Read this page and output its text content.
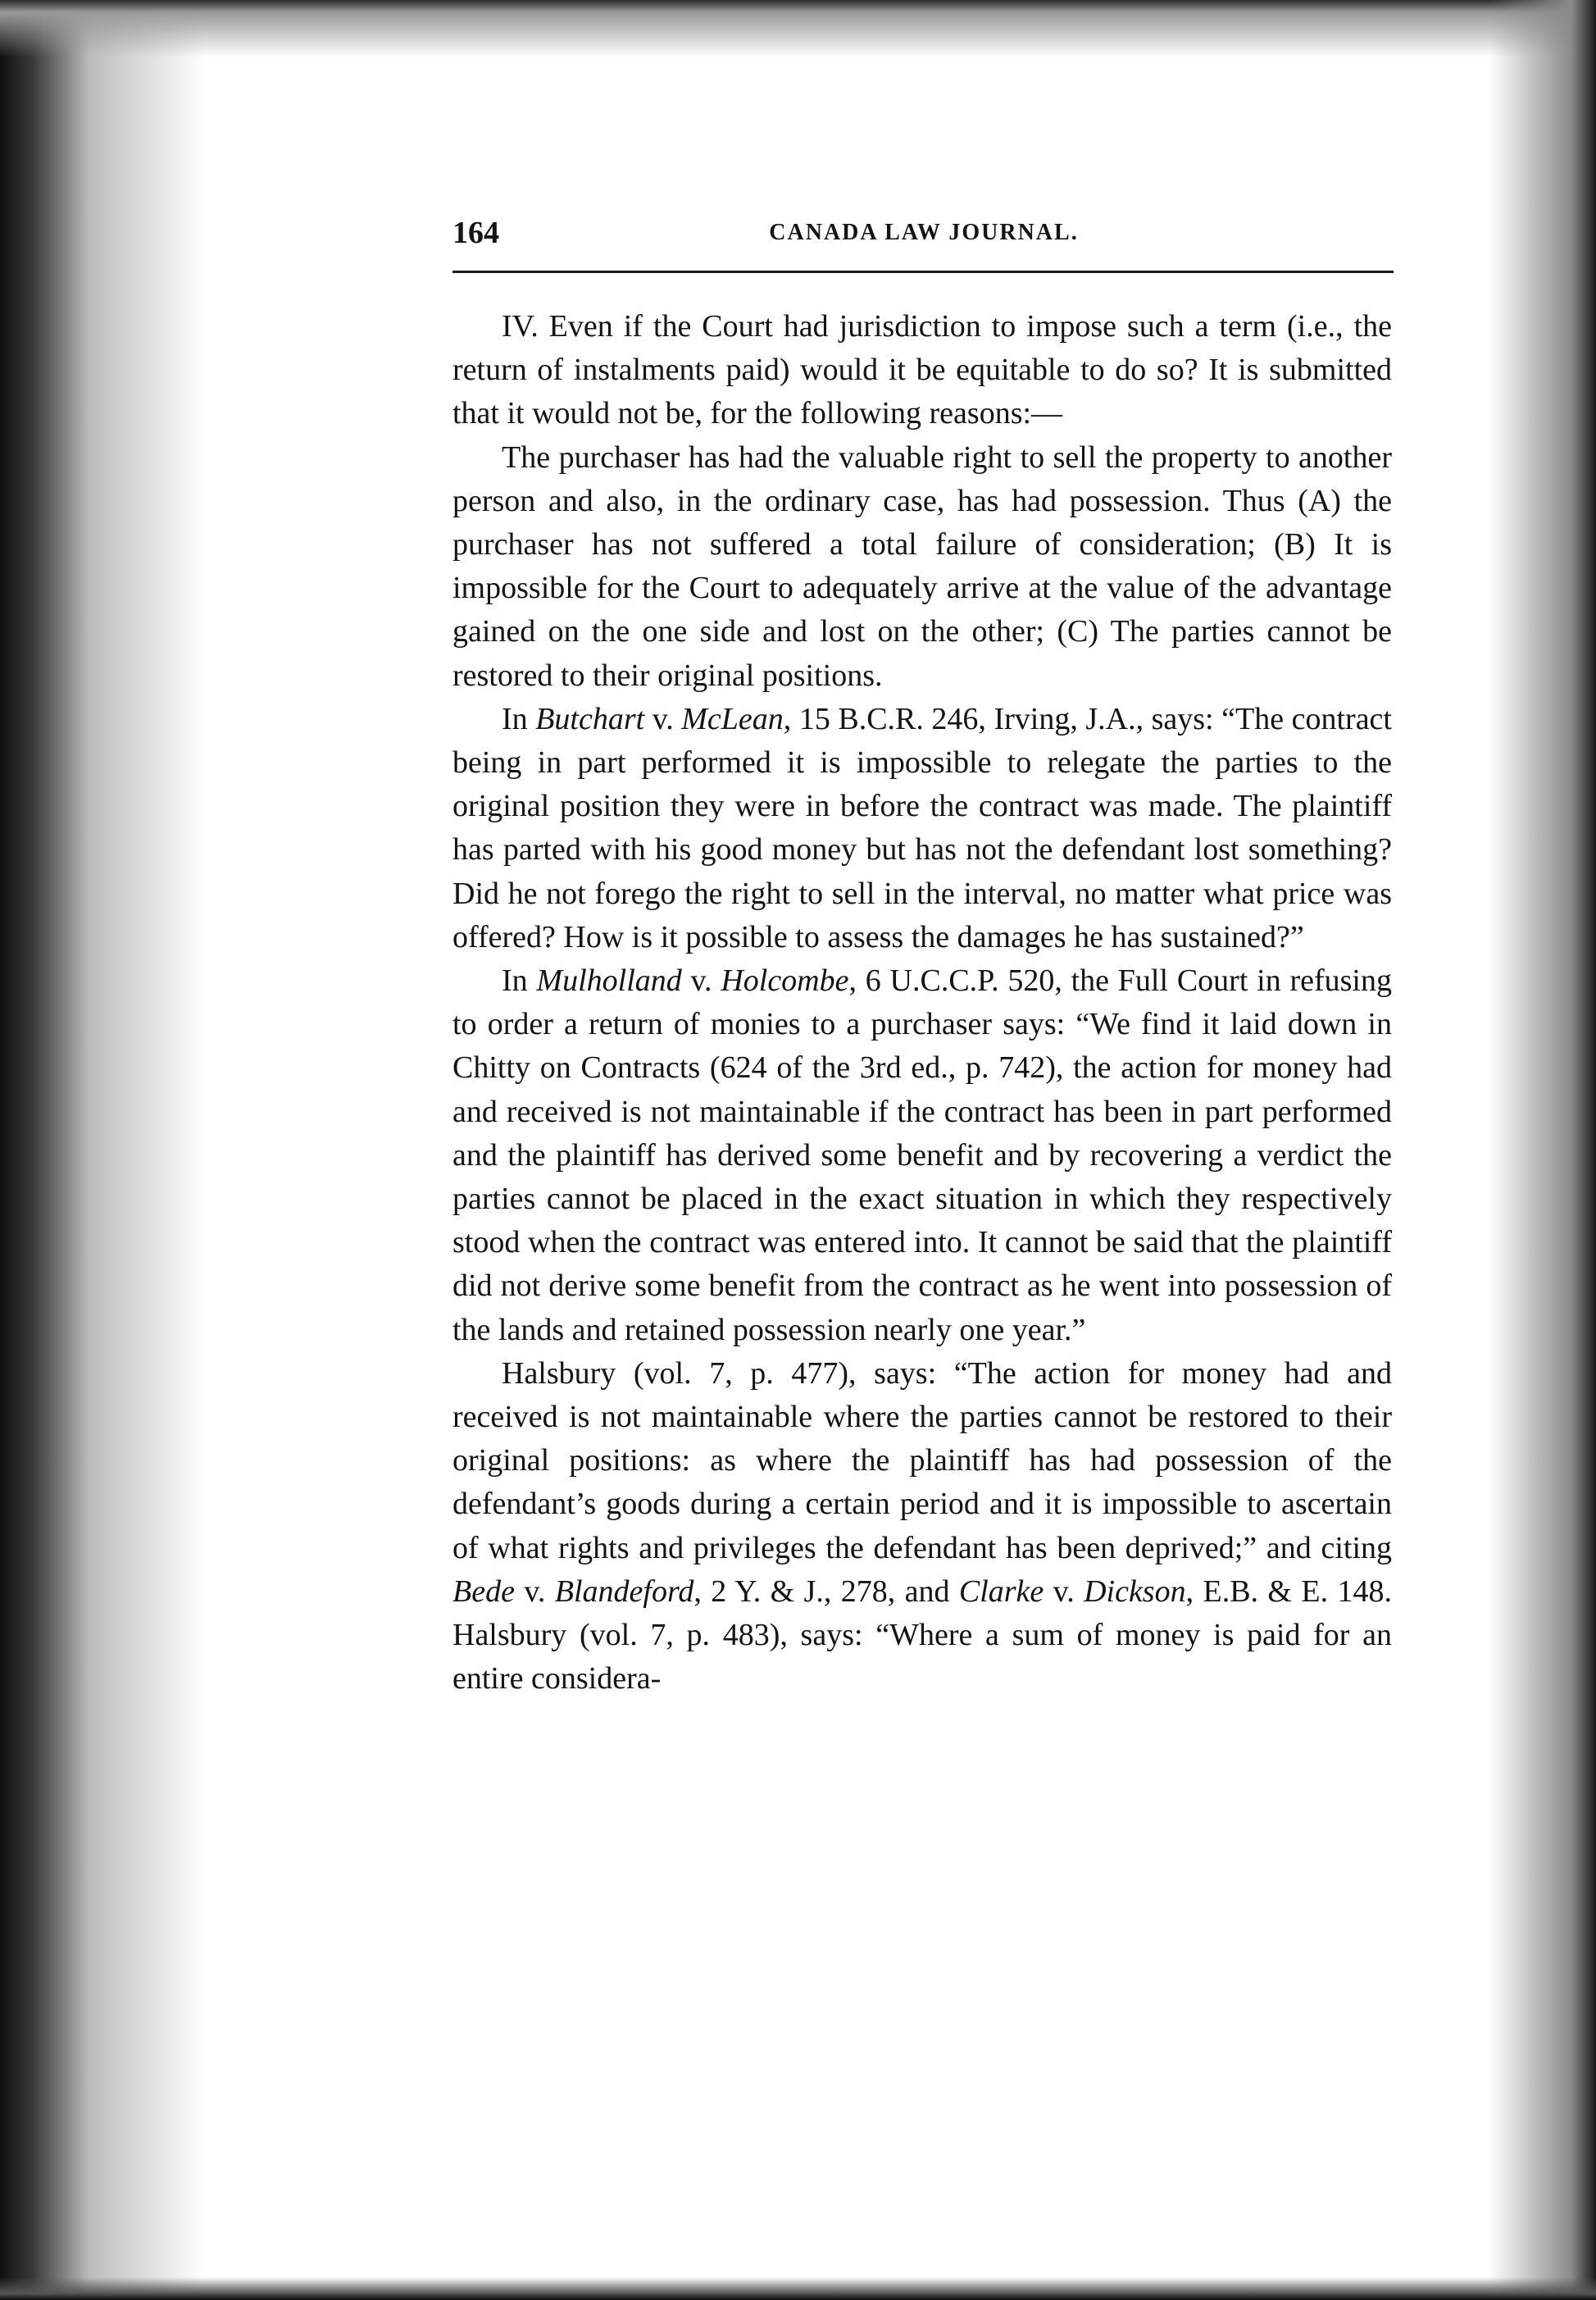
164	CANADA LAW JOURNAL.

IV. Even if the Court had jurisdiction to impose such a term (i.e., the return of instalments paid) would it be equitable to do so? It is submitted that it would not be, for the following reasons:—

The purchaser has had the valuable right to sell the property to another person and also, in the ordinary case, has had possession. Thus (A) the purchaser has not suffered a total failure of consideration; (B) It is impossible for the Court to adequately arrive at the value of the advantage gained on the one side and lost on the other; (C) The parties cannot be restored to their original positions.

In Butchart v. McLean, 15 B.C.R. 246, Irving, J.A., says: “The contract being in part performed it is impossible to relegate the parties to the original position they were in before the contract was made. The plaintiff has parted with his good money but has not the defendant lost something? Did he not forego the right to sell in the interval, no matter what price was offered? How is it possible to assess the damages he has sustained?”

In Mulholland v. Holcombe, 6 U.C.C.P. 520, the Full Court in refusing to order a return of monies to a purchaser says: “We find it laid down in Chitty on Contracts (624 of the 3rd ed., p. 742), the action for money had and received is not maintainable if the contract has been in part performed and the plaintiff has derived some benefit and by recovering a verdict the parties cannot be placed in the exact situation in which they respectively stood when the contract was entered into. It cannot be said that the plaintiff did not derive some benefit from the contract as he went into possession of the lands and retained possession nearly one year.”

Halsbury (vol. 7, p. 477), says: “The action for money had and received is not maintainable where the parties cannot be restored to their original positions: as where the plaintiff has had possession of the defendant’s goods during a certain period and it is impossible to ascertain of what rights and privileges the defendant has been deprived;” and citing Bede v. Blandeford, 2 Y. & J., 278, and Clarke v. Dickson, E.B. & E. 148. Halsbury (vol. 7, p. 483), says: “Where a sum of money is paid for an entire considera-
